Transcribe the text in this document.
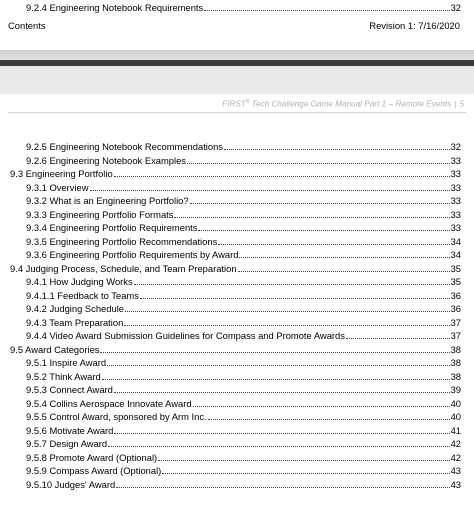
9.2.4 Engineering Notebook Requirements	32
Contents	Revision 1: 7/16/2020
FIRST® Tech Challenge Game Manual Part 1 – Remote Events | 5
9.2.5 Engineering Notebook Recommendations	32
9.2.6 Engineering Notebook Examples	33
9.3 Engineering Portfolio	33
9.3.1 Overview	33
9.3.2 What is an Engineering Portfolio?	33
9.3.3 Engineering Portfolio Formats	33
9.3.4 Engineering Portfolio Requirements	33
9.3.5 Engineering Portfolio Recommendations	34
9.3.6 Engineering Portfolio Requirements by Award	34
9.4 Judging Process, Schedule, and Team Preparation	35
9.4.1 How Judging Works	35
9.4.1.1 Feedback to Teams	36
9.4.2 Judging Schedule	36
9.4.3 Team Preparation	37
9.4.4 Video Award Submission Guidelines for Compass and Promote Awards	37
9.5 Award Categories	38
9.5.1 Inspire Award	38
9.5.2 Think Award	38
9.5.3 Connect Award	39
9.5.4 Collins Aerospace Innovate Award	40
9.5.5 Control Award, sponsored by Arm Inc.	40
9.5.6 Motivate Award	41
9.5.7 Design Award	42
9.5.8 Promote Award (Optional)	42
9.5.9 Compass Award (Optional)	43
9.5.10 Judges' Award	43
